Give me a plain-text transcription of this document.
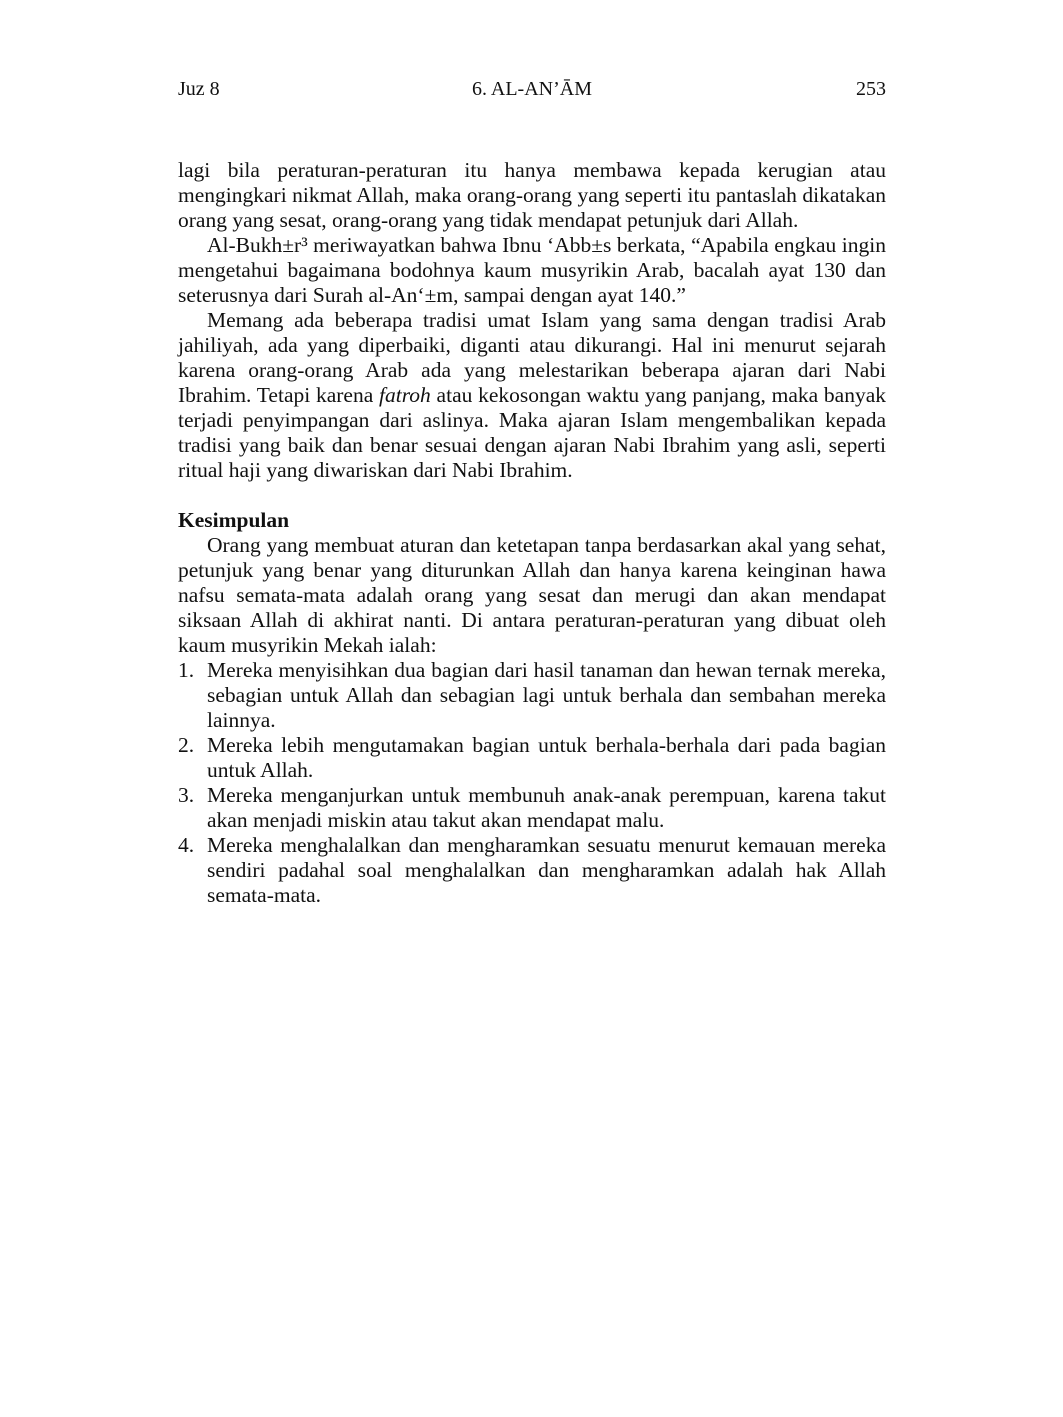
Juz 8	6. AL-AN’ĀM	253

lagi bila peraturan-peraturan itu hanya membawa kepada kerugian atau mengingkari nikmat Allah, maka orang-orang yang seperti itu pantaslah dikatakan orang yang sesat, orang-orang yang tidak mendapat petunjuk dari Allah.

Al-Bukh±r³ meriwayatkan bahwa Ibnu ‘Abb±s berkata, “Apabila engkau ingin mengetahui bagaimana bodohnya kaum musyrikin Arab, bacalah ayat 130 dan seterusnya dari Surah al-An‘±m, sampai dengan ayat 140.”

Memang ada beberapa tradisi umat Islam yang sama dengan tradisi Arab jahiliyah, ada yang diperbaiki, diganti atau dikurangi. Hal ini menurut sejarah karena orang-orang Arab ada yang melestarikan beberapa ajaran dari Nabi Ibrahim. Tetapi karena fatroh atau kekosongan waktu yang panjang, maka banyak terjadi penyimpangan dari aslinya. Maka ajaran Islam mengembalikan kepada tradisi yang baik dan benar sesuai dengan ajaran Nabi Ibrahim yang asli, seperti ritual haji yang diwariskan dari Nabi Ibrahim.

Kesimpulan

Orang yang membuat aturan dan ketetapan tanpa berdasarkan akal yang sehat, petunjuk yang benar yang diturunkan Allah dan hanya karena keinginan hawa nafsu semata-mata adalah orang yang sesat dan merugi dan akan mendapat siksaan Allah di akhirat nanti. Di antara peraturan-peraturan yang dibuat oleh kaum musyrikin Mekah ialah:

1. Mereka menyisihkan dua bagian dari hasil tanaman dan hewan ternak mereka, sebagian untuk Allah dan sebagian lagi untuk berhala dan sembahan mereka lainnya.
2. Mereka lebih mengutamakan bagian untuk berhala-berhala dari pada bagian untuk Allah.
3. Mereka menganjurkan untuk membunuh anak-anak perempuan, karena takut akan menjadi miskin atau takut akan mendapat malu.
4. Mereka menghalalkan dan mengharamkan sesuatu menurut kemauan mereka sendiri padahal soal menghalalkan dan mengharamkan adalah hak Allah semata-mata.
